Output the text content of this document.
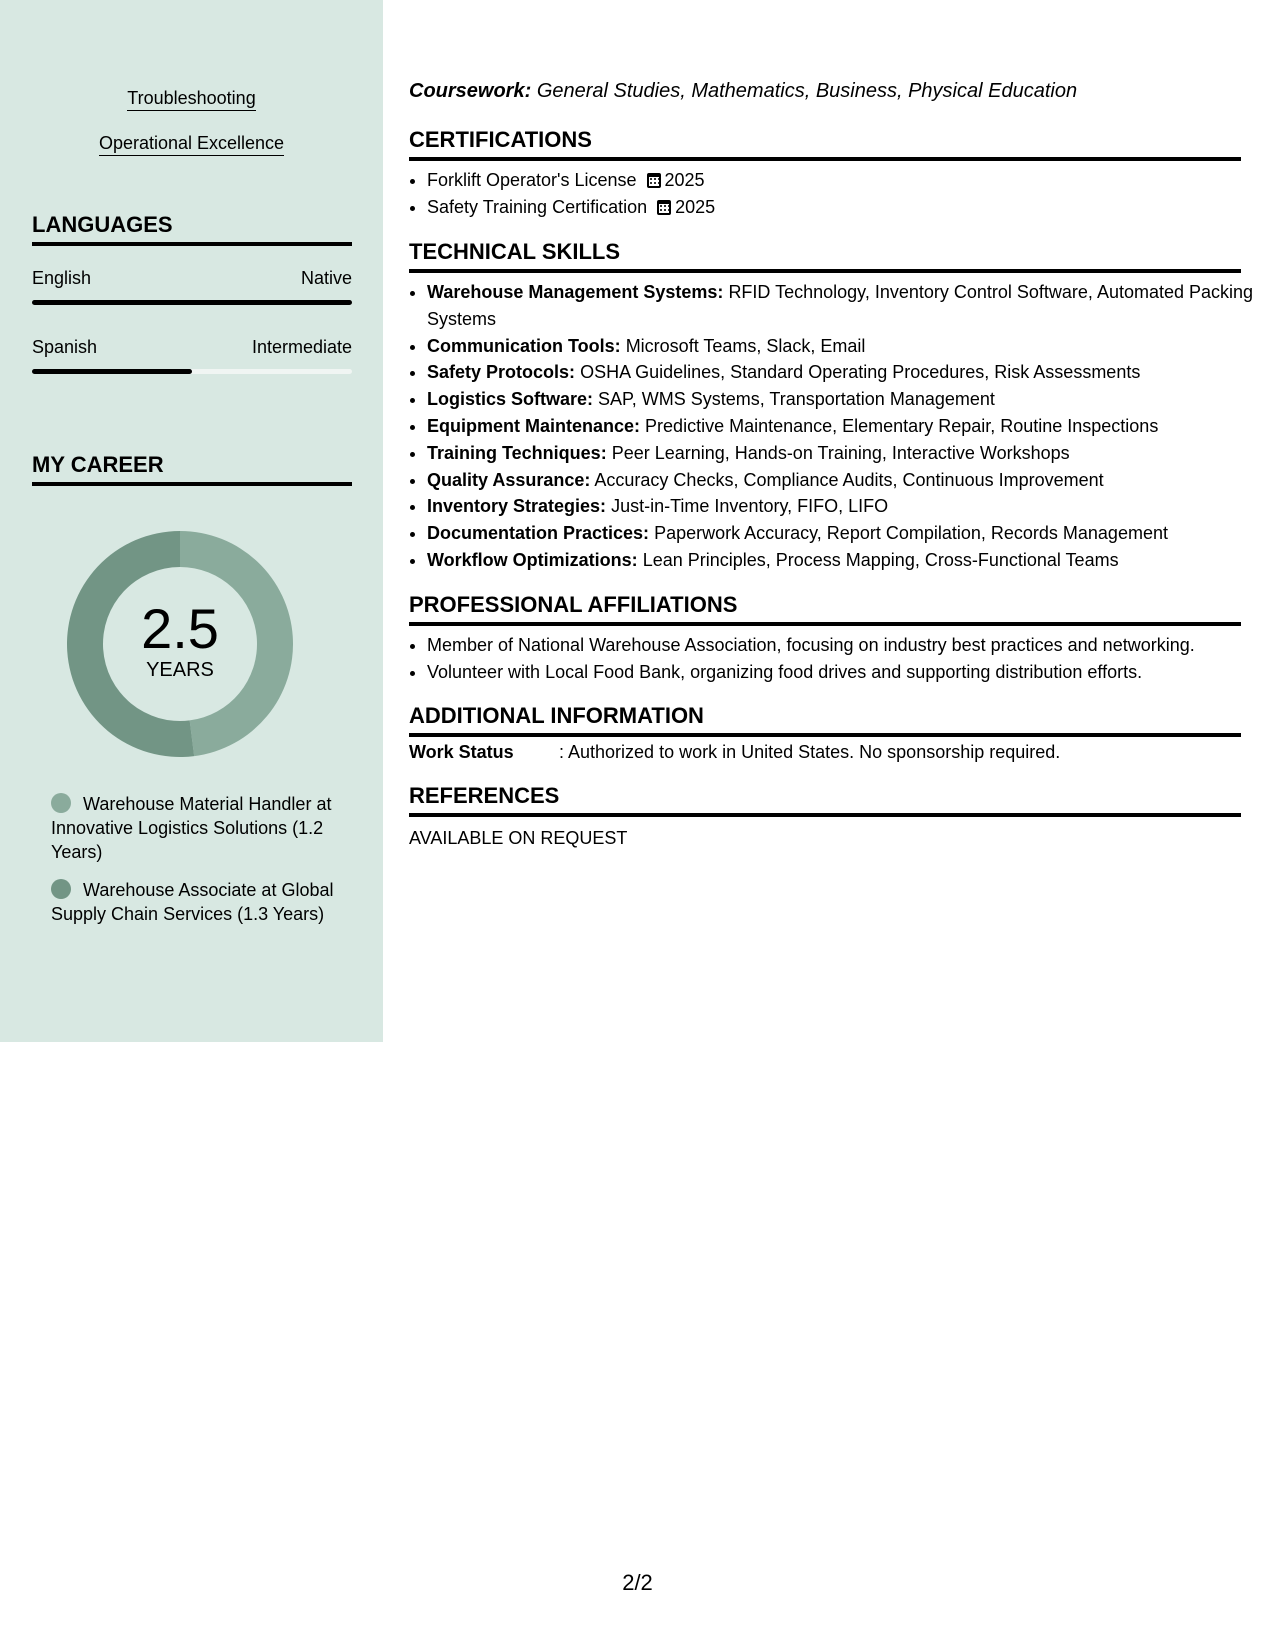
Troubleshooting
Operational Excellence
LANGUAGES
English	Native
Spanish	Intermediate
MY CAREER
2.5
YEARS
Warehouse Material Handler at Innovative Logistics Solutions (1.2 Years)
Warehouse Associate at Global Supply Chain Services (1.3 Years)
Coursework: General Studies, Mathematics, Business, Physical Education
CERTIFICATIONS
• Forklift Operator's License 2025
• Safety Training Certification 2025
TECHNICAL SKILLS
• Warehouse Management Systems: RFID Technology, Inventory Control Software, Automated Packing Systems
• Communication Tools: Microsoft Teams, Slack, Email
• Safety Protocols: OSHA Guidelines, Standard Operating Procedures, Risk Assessments
• Logistics Software: SAP, WMS Systems, Transportation Management
• Equipment Maintenance: Predictive Maintenance, Elementary Repair, Routine Inspections
• Training Techniques: Peer Learning, Hands-on Training, Interactive Workshops
• Quality Assurance: Accuracy Checks, Compliance Audits, Continuous Improvement
• Inventory Strategies: Just-in-Time Inventory, FIFO, LIFO
• Documentation Practices: Paperwork Accuracy, Report Compilation, Records Management
• Workflow Optimizations: Lean Principles, Process Mapping, Cross-Functional Teams
PROFESSIONAL AFFILIATIONS
• Member of National Warehouse Association, focusing on industry best practices and networking.
• Volunteer with Local Food Bank, organizing food drives and supporting distribution efforts.
ADDITIONAL INFORMATION
Work Status	: Authorized to work in United States. No sponsorship required.
REFERENCES
AVAILABLE ON REQUEST
2/2
